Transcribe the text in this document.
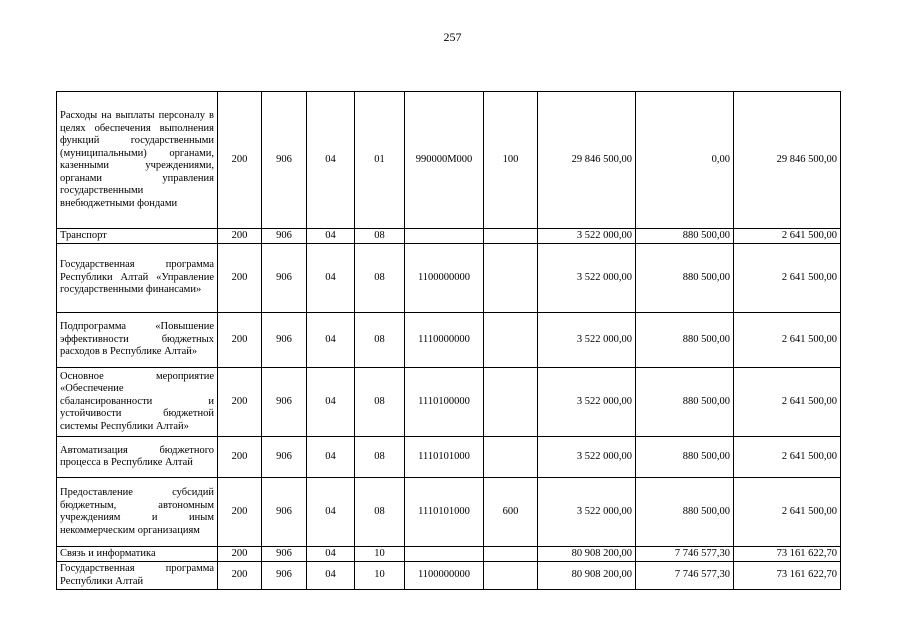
257
Расходы на выплаты персоналу в целях обеспечения выполнения функций государственными (муниципальными) органами, казенными учреждениями, органами управления государственными внебюджетными фондами	200	906	04	01	990000М000	100	29 846 500,00	0,00	29 846 500,00
Транспорт	200	906	04	08			3 522 000,00	880 500,00	2 641 500,00
Государственная программа Республики Алтай «Управление государственными финансами»	200	906	04	08	1100000000		3 522 000,00	880 500,00	2 641 500,00
Подпрограмма «Повышение эффективности бюджетных расходов в Республике Алтай»	200	906	04	08	1110000000		3 522 000,00	880 500,00	2 641 500,00
Основное мероприятие «Обеспечение сбалансированности и устойчивости бюджетной системы Республики Алтай»	200	906	04	08	1110100000		3 522 000,00	880 500,00	2 641 500,00
Автоматизация бюджетного процесса в Республике Алтай	200	906	04	08	1110101000		3 522 000,00	880 500,00	2 641 500,00
Предоставление субсидий бюджетным, автономным учреждениям и иным некоммерческим организациям	200	906	04	08	1110101000	600	3 522 000,00	880 500,00	2 641 500,00
Связь и информатика	200	906	04	10			80 908 200,00	7 746 577,30	73 161 622,70
Государственная программа Республики Алтай	200	906	04	10	1100000000		80 908 200,00	7 746 577,30	73 161 622,70
